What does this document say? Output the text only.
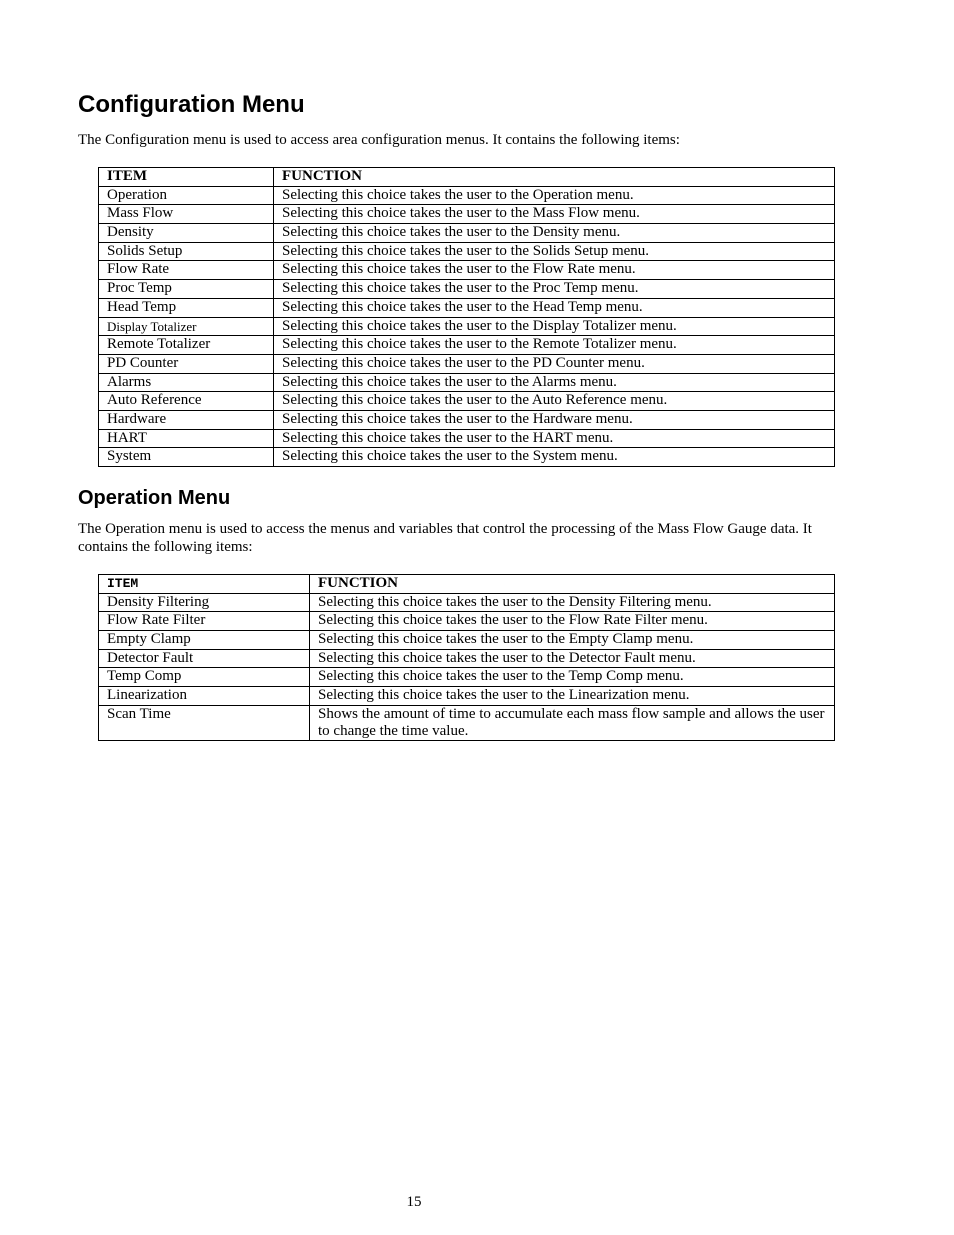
Configuration Menu

The Configuration menu is used to access area configuration menus. It contains the following items:

ITEM	FUNCTION
Operation	Selecting this choice takes the user to the Operation menu.
Mass Flow	Selecting this choice takes the user to the Mass Flow menu.
Density	Selecting this choice takes the user to the Density menu.
Solids Setup	Selecting this choice takes the user to the Solids Setup menu.
Flow Rate	Selecting this choice takes the user to the Flow Rate menu.
Proc Temp	Selecting this choice takes the user to the Proc Temp menu.
Head Temp	Selecting this choice takes the user to the Head Temp menu.
Display Totalizer	Selecting this choice takes the user to the Display Totalizer menu.
Remote Totalizer	Selecting this choice takes the user to the Remote Totalizer menu.
PD Counter	Selecting this choice takes the user to the PD Counter menu.
Alarms	Selecting this choice takes the user to the Alarms menu.
Auto Reference	Selecting this choice takes the user to the Auto Reference menu.
Hardware	Selecting this choice takes the user to the Hardware menu.
HART	Selecting this choice takes the user to the HART menu.
System	Selecting this choice takes the user to the System menu.
Operation Menu

The Operation menu is used to access the menus and variables that control the processing of the Mass Flow Gauge data. It contains the following items:

ITEM	FUNCTION
Density Filtering	Selecting this choice takes the user to the Density Filtering menu.
Flow Rate Filter	Selecting this choice takes the user to the Flow Rate Filter menu.
Empty Clamp	Selecting this choice takes the user to the Empty Clamp menu.
Detector Fault	Selecting this choice takes the user to the Detector Fault menu.
Temp Comp	Selecting this choice takes the user to the Temp Comp menu.
Linearization	Selecting this choice takes the user to the Linearization menu.
Scan Time	Shows the amount of time to accumulate each mass flow sample and allows the user to change the time value.
15
